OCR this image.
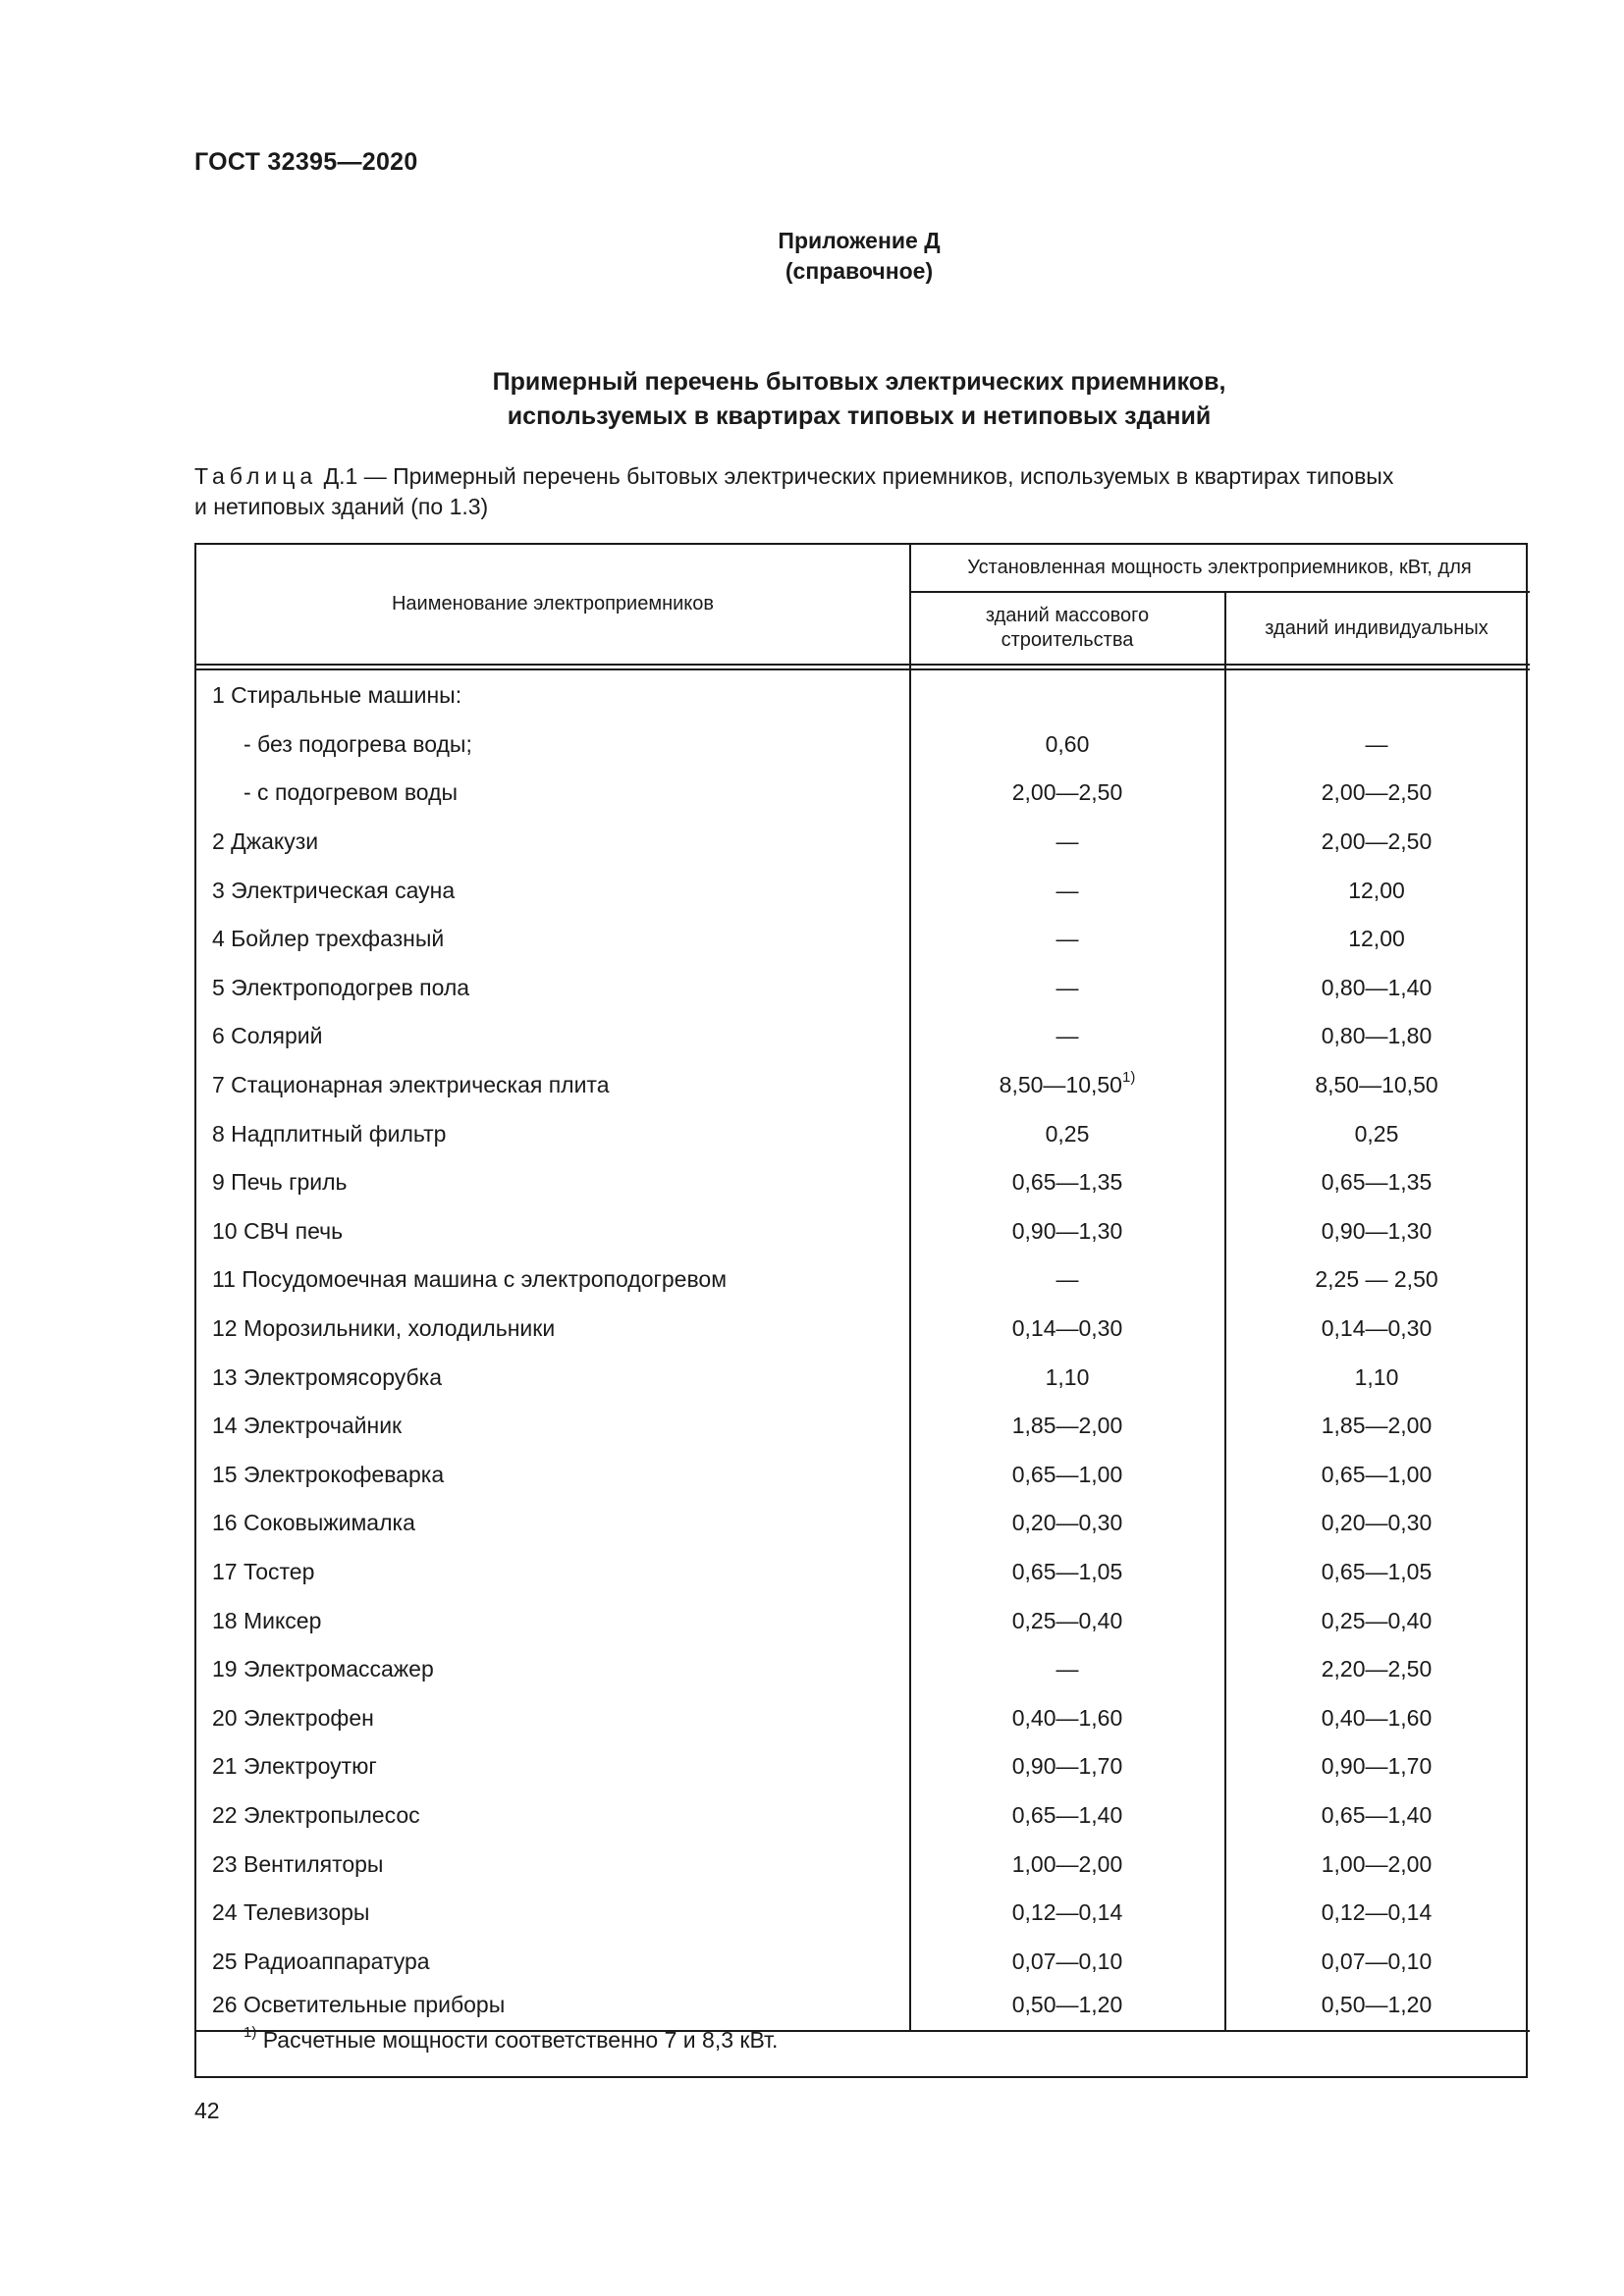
ГОСТ 32395—2020
Приложение Д
(справочное)
Примерный перечень бытовых электрических приемников,
используемых в квартирах типовых и нетиповых зданий
Таблица Д.1 — Примерный перечень бытовых электрических приемников, используемых в квартирах типовых
и нетиповых зданий (по 1.3)
Наименование электроприемников
Установленная мощность электроприемников, кВт, для
зданий массового
строительства
зданий индивидуальных
1 Стиральные машины:
- без подогрева воды;	0,60	—
- с подогревом воды	2,00—2,50	2,00—2,50
2 Джакузи	—	2,00—2,50
3 Электрическая сауна	—	12,00
4 Бойлер трехфазный	—	12,00
5 Электроподогрев пола	—	0,80—1,40
6 Солярий	—	0,80—1,80
7 Стационарная электрическая плита	8,50—10,50$^{1)}$	8,50—10,50
8 Надплитный фильтр	0,25	0,25
9 Печь гриль	0,65—1,35	0,65—1,35
10 СВЧ печь	0,90—1,30	0,90—1,30
11 Посудомоечная машина с электроподогревом	—	2,25 — 2,50
12 Морозильники, холодильники	0,14—0,30	0,14—0,30
13 Электромясорубка	1,10	1,10
14 Электрочайник	1,85—2,00	1,85—2,00
15 Электрокофеварка	0,65—1,00	0,65—1,00
16 Соковыжималка	0,20—0,30	0,20—0,30
17 Тостер	0,65—1,05	0,65—1,05
18 Миксер	0,25—0,40	0,25—0,40
19 Электромассажер	—	2,20—2,50
20 Электрофен	0,40—1,60	0,40—1,60
21 Электроутюг	0,90—1,70	0,90—1,70
22 Электропылесос	0,65—1,40	0,65—1,40
23 Вентиляторы	1,00—2,00	1,00—2,00
24 Телевизоры	0,12—0,14	0,12—0,14
25 Радиоаппаратура	0,07—0,10	0,07—0,10
26 Осветительные приборы	0,50—1,20	0,50—1,20
$^{1)}$ Расчетные мощности соответственно 7 и 8,3 кВт.
42
